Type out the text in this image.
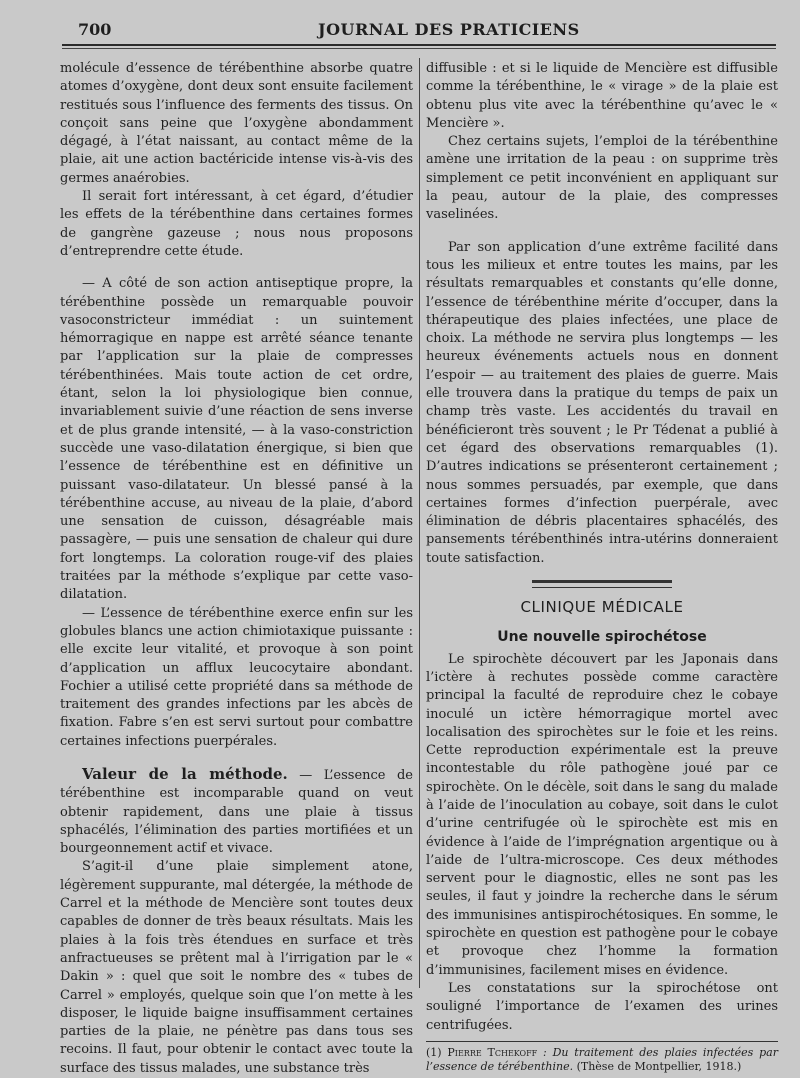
700	JOURNAL DES PRATICIENS

molécule d’essence de térébenthine absorbe quatre atomes d’oxygène, dont deux sont ensuite facilement restitués sous l’influence des ferments des tissus. On conçoit sans peine que l’oxygène abondamment dégagé, à l’état naissant, au contact même de la plaie, ait une action bactéricide intense vis-à-vis des germes anaérobies.

Il serait fort intéressant, à cet égard, d’étudier les effets de la térébenthine dans certaines formes de gangrène gazeuse ; nous nous proposons d’entreprendre cette étude.

— A côté de son action antiseptique propre, la térébenthine possède un remarquable pouvoir vasoconstricteur immédiat : un suintement hémorragique en nappe est arrêté séance tenante par l’application sur la plaie de compresses térébenthinées. Mais toute action de cet ordre, étant, selon la loi physiologique bien connue, invariablement suivie d’une réaction de sens inverse et de plus grande intensité, — à la vaso-constriction succède une vaso-dilatation énergique, si bien que l’essence de térébenthine est en définitive un puissant vaso-dilatateur. Un blessé pansé à la térébenthine accuse, au niveau de la plaie, d’abord une sensation de cuisson, désagréable mais passagère, — puis une sensation de chaleur qui dure fort longtemps. La coloration rouge-vif des plaies traitées par la méthode s’explique par cette vaso-dilatation.

— L’essence de térébenthine exerce enfin sur les globules blancs une action chimiotaxique puissante : elle excite leur vitalité, et provoque à son point d’application un afflux leucocytaire abondant. Fochier a utilisé cette propriété dans sa méthode de traitement des grandes infections par les abcès de fixation. Fabre s’en est servi surtout pour combattre certaines infections puerpérales.

Valeur de la méthode. — L’essence de térébenthine est incomparable quand on veut obtenir rapidement, dans une plaie à tissus sphacélés, l’élimination des parties mortifiées et un bourgeonnement actif et vivace.

S’agit-il d’une plaie simplement atone, légèrement suppurante, mal détergée, la méthode de Carrel et la méthode de Mencière sont toutes deux capables de donner de très beaux résultats. Mais les plaies à la fois très étendues en surface et très anfractueuses se prêtent mal à l’irrigation par le « Dakin » : quel que soit le nombre des « tubes de Carrel » employés, quelque soin que l’on mette à les disposer, le liquide baigne insuffisamment certaines parties de la plaie, ne pénètre pas dans tous ses recoins. Il faut, pour obtenir le contact avec toute la surface des tissus malades, une substance très

diffusible : et si le liquide de Mencière est diffusible comme la térébenthine, le « virage » de la plaie est obtenu plus vite avec la térébenthine qu’avec le « Mencière ».

Chez certains sujets, l’emploi de la térébenthine amène une irritation de la peau : on supprime très simplement ce petit inconvénient en appliquant sur la peau, autour de la plaie, des compresses vaselinées.

Par son application d’une extrême facilité dans tous les milieux et entre toutes les mains, par les résultats remarquables et constants qu’elle donne, l’essence de térébenthine mérite d’occuper, dans la thérapeutique des plaies infectées, une place de choix. La méthode ne servira plus longtemps — les heureux événements actuels nous en donnent l’espoir — au traitement des plaies de guerre. Mais elle trouvera dans la pratique du temps de paix un champ très vaste. Les accidentés du travail en bénéficieront très souvent ; le Pr Tédenat a publié à cet égard des observations remarquables (1). D’autres indications se présenteront certainement ; nous sommes persuadés, par exemple, que dans certaines formes d’infection puerpérale, avec élimination de débris placentaires sphacélés, des pansements térébenthinés intra-utérins donneraient toute satisfaction.

CLINIQUE MÉDICALE
Une nouvelle spirochétose

Le spirochète découvert par les Japonais dans l’ictère à rechutes possède comme caractère principal la faculté de reproduire chez le cobaye inoculé un ictère hémorragique mortel avec localisation des spirochètes sur le foie et les reins. Cette reproduction expérimentale est la preuve incontestable du rôle pathogène joué par ce spirochète. On le décèle, soit dans le sang du malade à l’aide de l’inoculation au cobaye, soit dans le culot d’urine centrifugée où le spirochète est mis en évidence à l’aide de l’imprégnation argentique ou à l’aide de l’ultra-microscope. Ces deux méthodes servent pour le diagnostic, elles ne sont pas les seules, il faut y joindre la recherche dans le sérum des immunisines antispirochétosiques. En somme, le spirochète en question est pathogène pour le cobaye et provoque chez l’homme la formation d’immunisines, facilement mises en évidence.

Les constatations sur la spirochétose ont souligné l’importance de l’examen des urines centrifugées.

(1) Pierre Tchekoff : Du traitement des plaies infectées par l’essence de térébenthine. (Thèse de Montpellier, 1918.)
